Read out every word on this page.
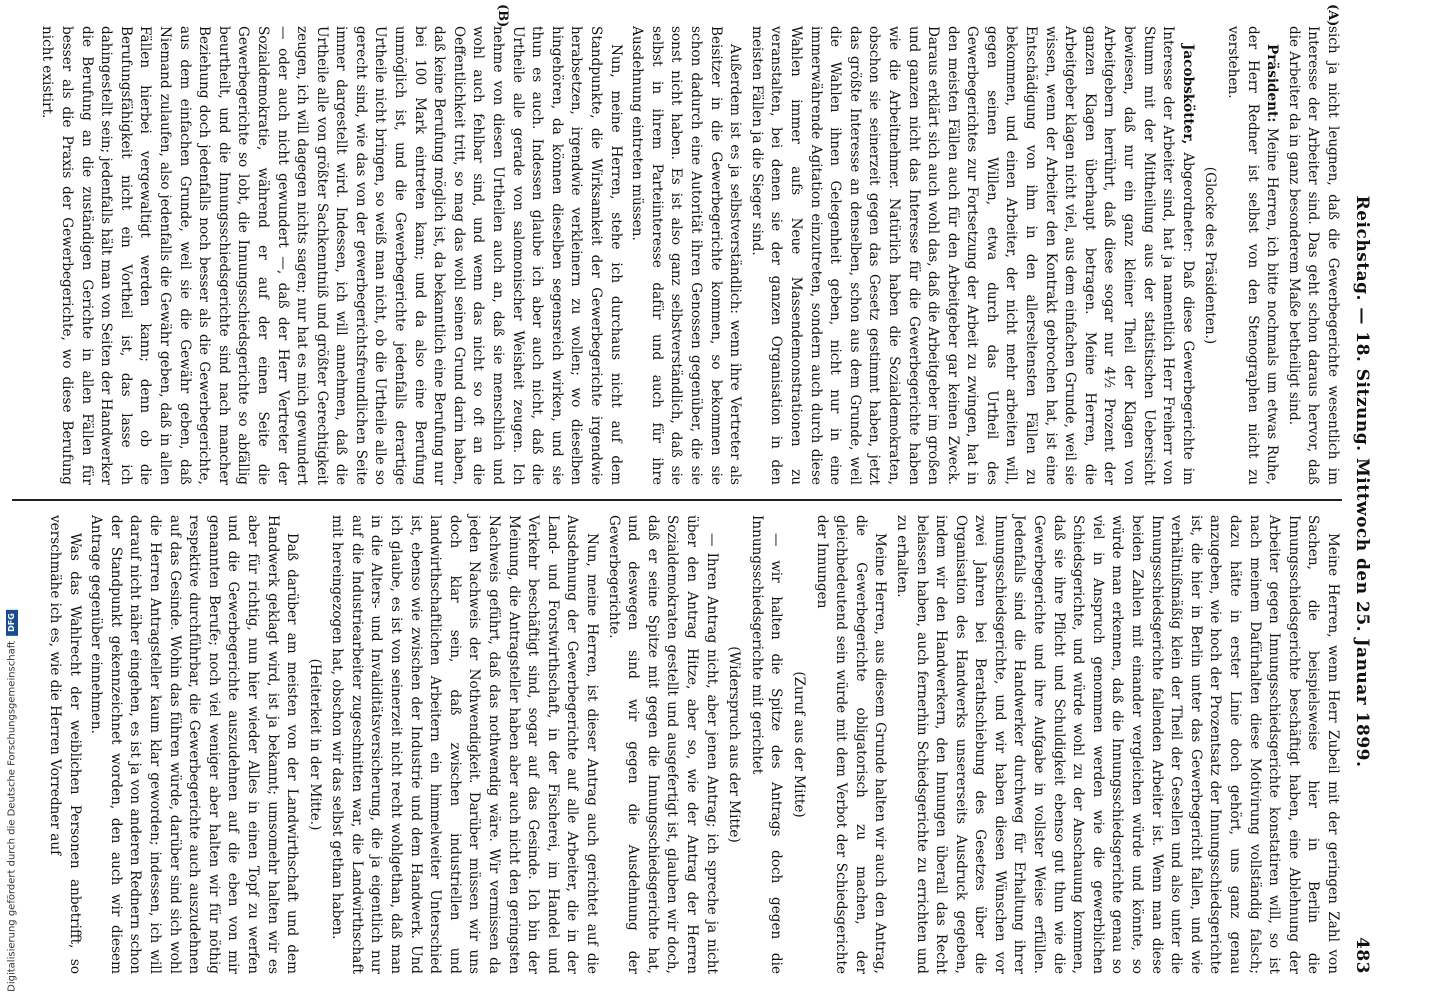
Reichstag. — 18. Sitzung. Mittwoch den 25. Januar 1899.
483
(A)

sich ja nicht leugnen, daß die Gewerbegerichte wesentlich im Interesse der Arbeiter sind. Das geht schon daraus hervor, daß die Arbeiter da in ganz besonderem Maße betheiligt sind.

Präsident: Meine Herren, ich bitte nochmals um etwas Ruhe, der Herr Redner ist selbst von den Stenographen nicht zu verstehen.

(Glocke des Präsidenten.)

Jacobskötter, Abgeordneter: Daß diese Gewerbegerichte im Interesse der Arbeiter sind, hat ja namentlich Herr Freiherr von Stumm mit der Mittheilung aus der statistischen Uebersicht bewiesen, daß nur ein ganz kleiner Theil der Klagen von Arbeitgebern herrührt, daß diese sogar nur 4½ Prozent der ganzen Klagen überhaupt betragen. Meine Herren, die Arbeitgeber klagen nicht viel, aus dem einfachen Grunde, weil sie wissen, wenn der Arbeiter den Kontrakt gebrochen hat, ist eine Entschädigung von ihm in den allerseltensten Fällen zu bekommen, und einen Arbeiter, der nicht mehr arbeiten will, gegen seinen Willen, etwa durch das Urtheil des Gewerbegerichtes zur Fortsetzung der Arbeit zu zwingen, hat in den meisten Fällen auch für den Arbeitgeber gar keinen Zweck. Daraus erklärt sich auch wohl das, daß die Arbeitgeber im großen und ganzen nicht das Interesse für die Gewerbegerichte haben wie die Arbeitnehmer. Natürlich haben die Sozialdemokraten, obschon sie seinerzeit gegen das Gesetz gestimmt haben, jetzt das größte Interesse an denselben, schon aus dem Grunde, weil die Wahlen ihnen Gelegenheit geben, nicht nur in eine immerwährende Agitation einzutreten, sondern auch durch diese Wahlen immer aufs Neue Massendemonstrationen zu veranstalten, bei denen sie der ganzen Organisation in den meisten Fällen ja die Sieger sind.

Außerdem ist es ja selbstverständlich: wenn ihre Vertreter als Beisitzer in die Gewerbegerichte kommen, so bekommen sie schon dadurch eine Autorität ihren Genossen gegenüber, die sie sonst nicht haben. Es ist also ganz selbstverständlich, daß sie selbst in ihrem Parteiinteresse dafür und auch für ihre Ausdehnung eintreten müssen.

(B)

Nun, meine Herren, stehe ich durchaus nicht auf dem Standpunkte, die Wirksamkeit der Gewerbegerichte irgendwie herabsetzen, irgendwie verkleinern zu wollen; wo dieselben hingehören, da können dieselben segensreich wirken, und sie thun es auch. Indessen glaube ich aber auch nicht, daß die Urtheile alle gerade von salomonischer Weisheit zeugen. Ich nehme von diesen Urtheilen auch an, daß sie menschlich und wohl auch fehlbar sind, und wenn das nicht so oft an die Oeffentlichkeit tritt, so mag das wohl seinen Grund darin haben, daß keine Berufung möglich ist, da bekanntlich eine Berufung nur bei 100 Mark eintreten kann; und da also eine Berufung unmöglich ist, und die Gewerbegerichte jedenfalls derartige Urtheile nicht bringen, so weiß man nicht, ob die Urtheile alle so gerecht sind, wie das von der gewerbegerichtsfreundlichen Seite immer dargestellt wird. Indessen, ich will annehmen, daß die Urtheile alle von größter Sachkenntniß und größter Gerechtigkeit zeugen, ich will dagegen nichts sagen; nur hat es mich gewundert — oder auch nicht gewundert —, daß der Herr Vertreter der Sozialdemokratie, während er auf der einen Seite die Gewerbegerichte so lobt, die Innungsschiedsgerichte so abfällig beurtheilt, und die Innungsschiedsgerichte sind nach mancher Beziehung doch jedenfalls noch besser als die Gewerbegerichte, aus dem einfachen Grunde, weil sie die Gewähr geben, daß Niemand zulaufen, also jedenfalls die Gewähr geben, daß in allen Fällen hierbei vergewaltigt werden kann; denn ob die Berufungsfähigkeit nicht ein Vortheil ist, das lasse ich dahingestellt sein; jedenfalls hält man von Seiten der Handwerker die Berufung an die zuständigen Gerichte in allen Fällen für besser als die Praxis der Gewerbegerichte, wo diese Berufung nicht existirt.

Meine Herren, wenn Herr Zubeil mit der geringen Zahl von Sachen, die beispielsweise hier in Berlin die Innungsschiedsgerichte beschäftigt haben, eine Ablehnung der Arbeiter gegen Innungsschiedsgerichte konstatiren will, so ist nach meinem Dafürhalten diese Motivirung vollständig falsch; dazu hätte in erster Linie doch gehört, uns ganz genau anzugeben, wie hoch der Prozentsatz der Innungsschiedsgerichte ist, die hier in Berlin unter das Gewerbegericht fallen, und wie verhältnißmäßig klein der Theil der Gesellen und also unter die Innungsschiedsgerichte fallenden Arbeiter ist. Wenn man diese beiden Zahlen mit einander vergleichen würde und könnte, so würde man erkennen, daß die Innungsschiedsgerichte genau so viel in Anspruch genommen werden wie die gewerblichen Schiedsgerichte, und würde wohl zu der Anschauung kommen, daß sie ihre Pflicht und Schuldigkeit ebenso gut thun wie die Gewerbegerichte und ihre Aufgabe in vollster Weise erfüllen. Jedenfalls sind die Handwerker durchweg für Erhaltung ihrer Innungsschiedsgerichte, und wir haben diesen Wünschen vor zwei Jahren bei Berathschiebung des Gesetzes über die Organisation des Handwerks unsererseits Ausdruck gegeben, indem wir den Handwerkern, den Innungen überall das Recht belassen haben, auch fernerhin Schiedsgerichte zu errichten und zu erhalten.

Meine Herren, aus diesem Grunde halten wir auch den Antrag, die Gewerbegerichte obligatorisch zu machen, der gleichbedeutend sein würde mit dem Verbot der Schiedsgerichte der Innungen

(Zuruf aus der Mitte)

— wir halten die Spitze des Antrags doch gegen die Innungsschiedsgerichte mit gerichtet

(Widerspruch aus der Mitte)

— Ihren Antrag nicht, aber jenen Antrag; ich spreche ja nicht über den Antrag Hitze, aber so, wie der Antrag der Herren Sozialdemokraten gestellt und ausgefertigt ist, glauben wir doch, daß er seine Spitze mit gegen die Innungsschiedsgerichte hat, und deswegen sind wir gegen die Ausdehnung der Gewerbegerichte.

Nun, meine Herren, ist dieser Antrag auch gerichtet auf die Ausdehnung der Gewerbegerichte auf alle Arbeiter, die in der Land- und Forstwirthschaft, in der Fischerei, im Handel und Verkehr beschäftigt sind, sogar auf das Gesinde. Ich bin der Meinung, die Antragsteller haben aber auch nicht den geringsten Nachweis geführt, daß das nothwendig wäre. Wir vermissen da jeden Nachweis der Nothwendigkeit. Darüber müssen wir uns doch klar sein, daß zwischen industriellen und landwirthschaftlichen Arbeitern ein himmelweiter Unterschied ist, ebenso wie zwischen der Industrie und dem Handwerk. Und ich glaube, es ist von seinerzeit nicht recht wohlgethan, daß man in die Alters- und Invaliditätsversicherung, die ja eigentlich nur auf die Industriearbeiter zugeschnitten war, die Landwirthschaft mit hereingezogen hat, obschon wir das selbst gethan haben.

(Heiterkeit in der Mitte.)

Daß darüber am meisten von der Landwirthschaft und dem Handwerk geklagt wird, ist ja bekannt; umsomehr halten wir es aber für richtig, nun hier wieder Alles in einen Topf zu werfen und die Gewerbegerichte auszudehnen auf die eben von mir genannten Berufe; noch viel weniger aber halten wir für nöthig respektive durchführbar, die Gewerbegerichte auch auszudehnen auf das Gesinde. Wohin das führen würde, darüber sind sich wohl die Herren Antragsteller kaum klar geworden; indessen, ich will darauf nicht näher eingehen, es ist ja von anderen Rednern schon der Standpunkt gekennzeichnet worden, den auch wir diesem Antrage gegenüber einnehmen.

Was das Wahlrecht der weiblichen Personen anbetrifft, so verschmähe ich es, wie die Herren Vorredner auf

Digitalisierung gefördert durch die Deutsche Forschungsgemeinschaft
DFG
